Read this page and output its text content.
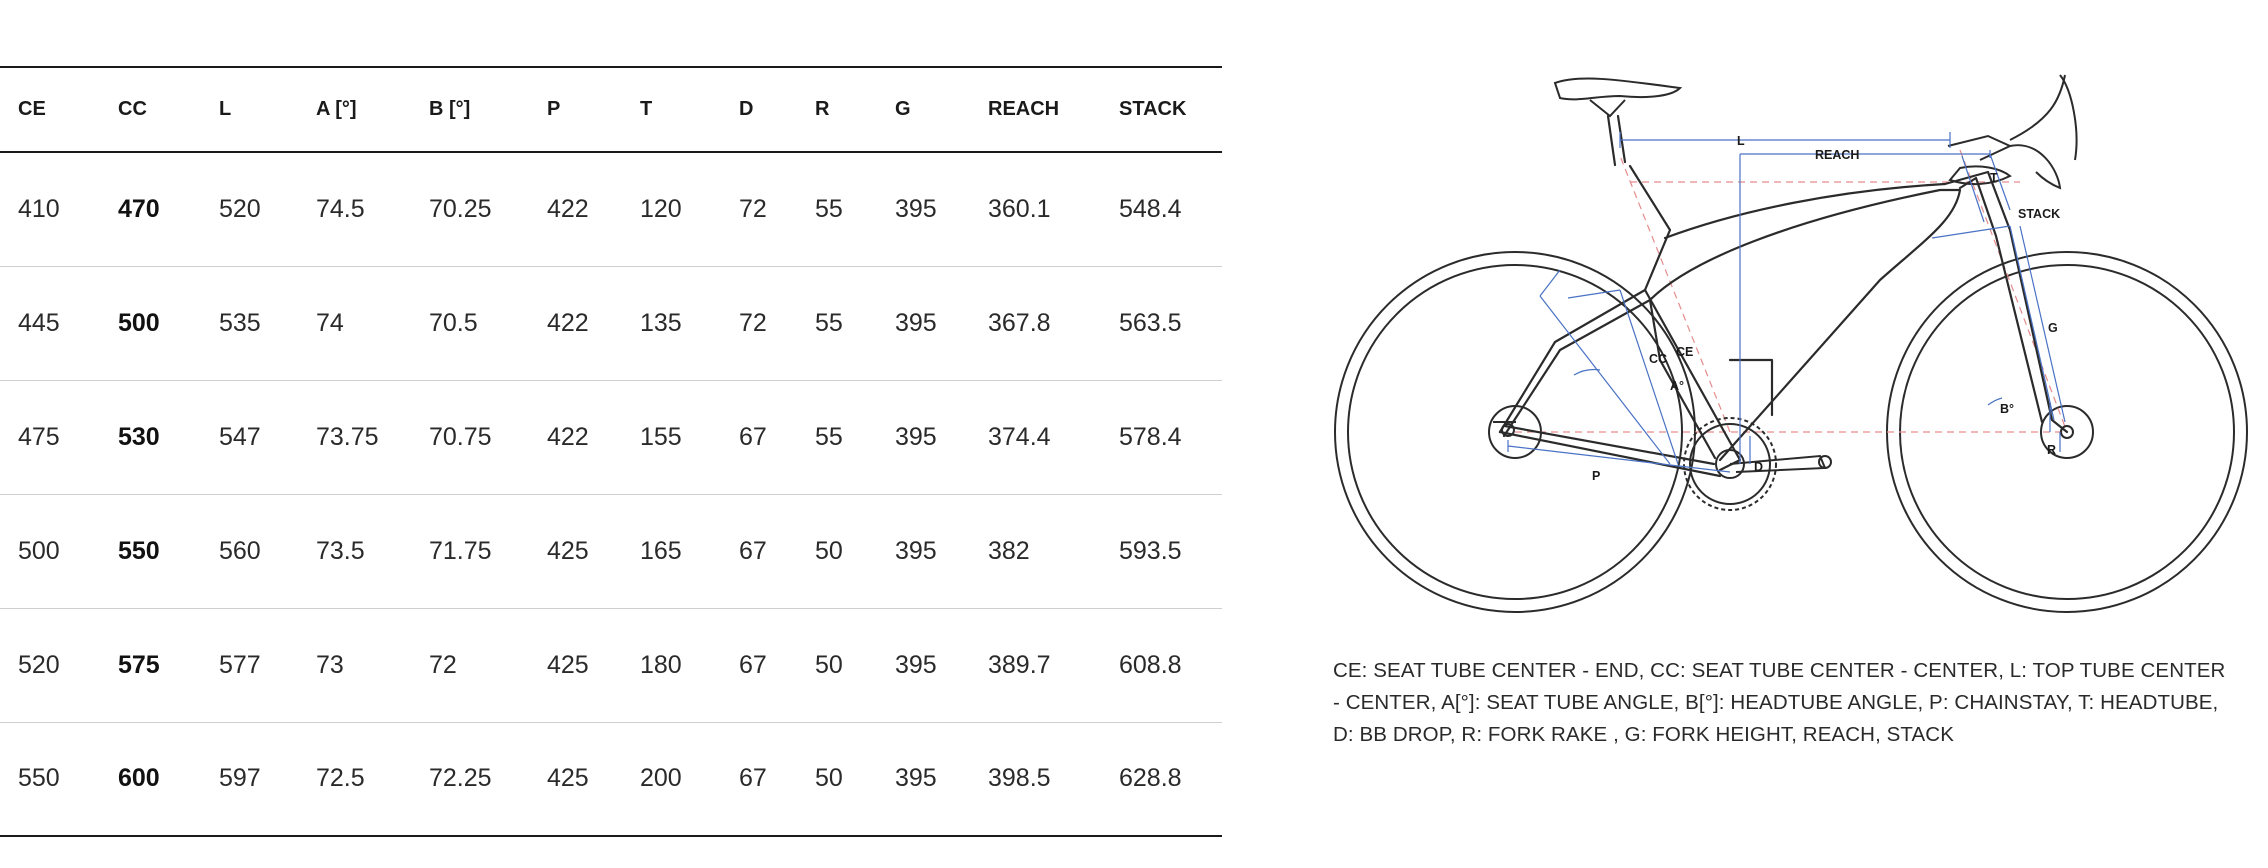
CE	CC	L	A [°]	B [°]	P	T	D	R	G	REACH	STACK
410	470	520	74.5	70.25	422	120	72	55	395	360.1	548.4
445	500	535	74	70.5	422	135	72	55	395	367.8	563.5
475	530	547	73.75	70.75	422	155	67	55	395	374.4	578.4
500	550	560	73.5	71.75	425	165	67	50	395	382	593.5
520	575	577	73	72	425	180	67	50	395	389.7	608.8
550	600	597	72.5	72.25	425	200	67	50	395	398.5	628.8
L
REACH
T
STACK
G
CC CE
A°
B°
D
R
P
CE: SEAT TUBE CENTER - END, CC: SEAT TUBE CENTER - CENTER, L: TOP TUBE CENTER - CENTER, A[°]: SEAT TUBE ANGLE, B[°]: HEADTUBE ANGLE, P: CHAINSTAY, T: HEADTUBE, D: BB DROP, R: FORK RAKE , G: FORK HEIGHT, REACH, STACK
